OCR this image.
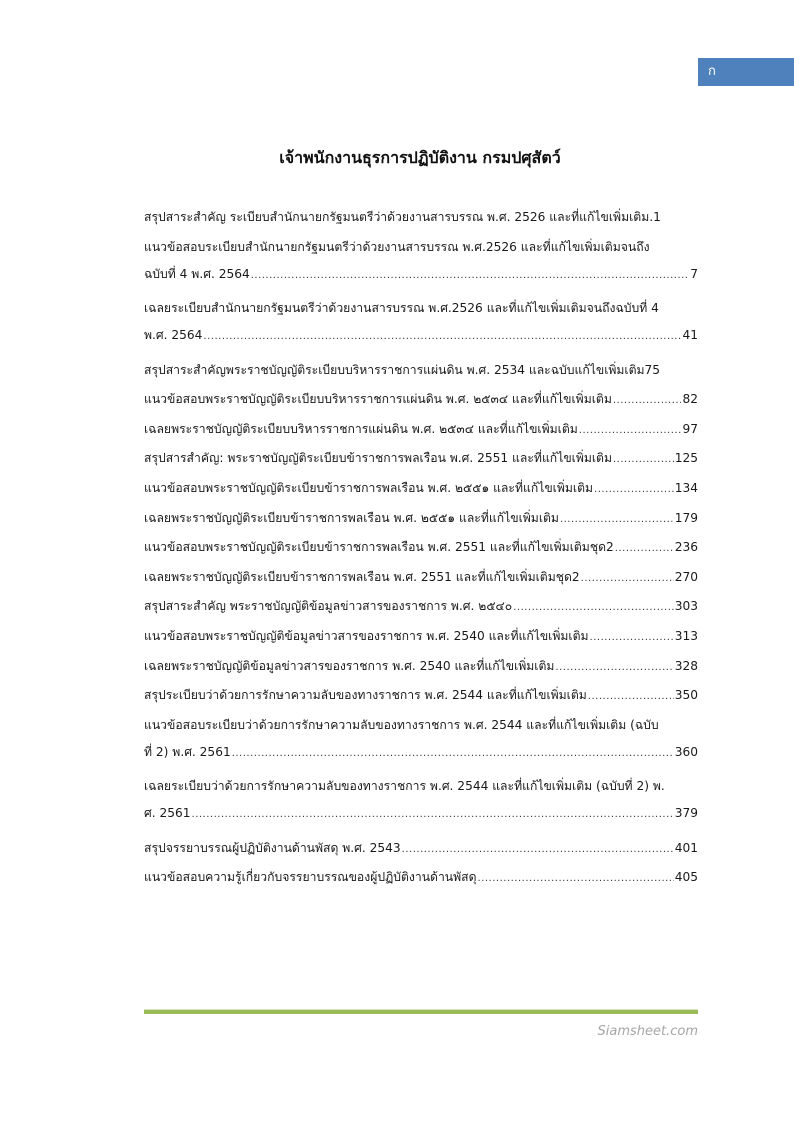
ก
เจ้าพนักงานธุรการปฏิบัติงาน กรมปศุสัตว์
สรุปสาระสำคัญ ระเบียบสำนักนายกรัฐมนตรีว่าด้วยงานสารบรรณ พ.ศ. 2526 และที่แก้ไขเพิ่มเติม .1
แนวข้อสอบระเบียบสำนักนายกรัฐมนตรีว่าด้วยงานสารบรรณ พ.ศ.2526 และที่แก้ไขเพิ่มเติมจนถึง
ฉบับที่ 4 พ.ศ. 2564 .....	7
เฉลยระเบียบสำนักนายกรัฐมนตรีว่าด้วยงานสารบรรณ พ.ศ.2526 และที่แก้ไขเพิ่มเติมจนถึงฉบับที่ 4
พ.ศ. 2564 .....	41
สรุปสาระสำคัญพระราชบัญญัติระเบียบบริหารราชการแผ่นดิน พ.ศ. 2534 และฉบับแก้ไขเพิ่มเติม 75
แนวข้อสอบพระราชบัญญัติระเบียบบริหารราชการแผ่นดิน พ.ศ. ๒๕๓๔ และที่แก้ไขเพิ่มเติม .....	82
เฉลยพระราชบัญญัติระเบียบบริหารราชการแผ่นดิน พ.ศ. ๒๕๓๔ และที่แก้ไขเพิ่มเติม .....	97
สรุปสารสำคัญ: พระราชบัญญัติระเบียบข้าราชการพลเรือน พ.ศ. 2551 และที่แก้ไขเพิ่มเติม .....	125
แนวข้อสอบพระราชบัญญัติระเบียบข้าราชการพลเรือน พ.ศ. ๒๕๕๑ และที่แก้ไขเพิ่มเติม .....	134
เฉลยพระราชบัญญัติระเบียบข้าราชการพลเรือน พ.ศ. ๒๕๕๑ และที่แก้ไขเพิ่มเติม .....	179
แนวข้อสอบพระราชบัญญัติระเบียบข้าราชการพลเรือน พ.ศ. 2551 และที่แก้ไขเพิ่มเติมชุด2 .....	236
เฉลยพระราชบัญญัติระเบียบข้าราชการพลเรือน พ.ศ. 2551 และที่แก้ไขเพิ่มเติมชุด2 .....	270
สรุปสาระสำคัญ พระราชบัญญัติข้อมูลข่าวสารของราชการ พ.ศ. ๒๕๔๐ .....	303
แนวข้อสอบพระราชบัญญัติข้อมูลข่าวสารของราชการ พ.ศ. 2540 และที่แก้ไขเพิ่มเติม .....	313
เฉลยพระราชบัญญัติข้อมูลข่าวสารของราชการ พ.ศ. 2540 และที่แก้ไขเพิ่มเติม .....	328
สรุประเบียบว่าด้วยการรักษาความลับของทางราชการ พ.ศ. 2544 และที่แก้ไขเพิ่มเติม .....	350
แนวข้อสอบระเบียบว่าด้วยการรักษาความลับของทางราชการ พ.ศ. 2544 และที่แก้ไขเพิ่มเติม (ฉบับ
ที่ 2) พ.ศ. 2561 .....	360
เฉลยระเบียบว่าด้วยการรักษาความลับของทางราชการ พ.ศ. 2544 และที่แก้ไขเพิ่มเติม (ฉบับที่ 2) พ.
ศ. 2561 .....	379
สรุปจรรยาบรรณผู้ปฏิบัติงานด้านพัสดุ พ.ศ. 2543 .....	401
แนวข้อสอบความรู้เกี่ยวกับจรรยาบรรณของผู้ปฏิบัติงานด้านพัสดุ .....	405
Siamsheet.com
